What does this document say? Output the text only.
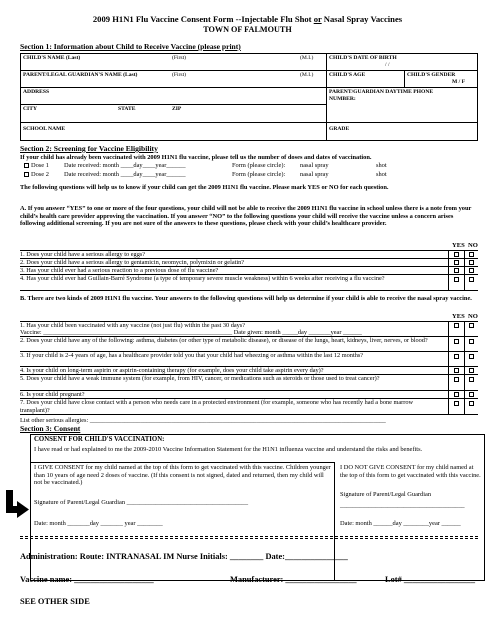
2009 H1N1 Flu Vaccine Consent Form --Injectable Flu Shot or Nasal Spray Vaccines
TOWN OF FALMOUTH
Section 1: Information about Child to Receive Vaccine (please print)
CHILD'S NAME (Last)	(First)	(M.I.)	CHILD'S DATE OF BIRTH
/ /
PARENT/LEGAL GUARDIAN'S NAME (Last)	(First)	(M.I.)	CHILD'S AGE	CHILD'S GENDER
M / F
ADDRESS	PARENT/GUARDIAN DAYTIME PHONE
NUMBER:
CITY	STATE	ZIP
SCHOOL NAME	GRADE
Section 2: Screening for Vaccine Eligibility
If your child has already been vaccinated with 2009 H1N1 flu vaccine, please tell us the number of doses and dates of vaccination.
Dose 1 Date received: month ____day____year______	Form (please circle): nasal spray	shot
Dose 2 Date received: month ____day____year______	Form (please circle): nasal spray	shot
The following questions will help us to know if your child can get the 2009 H1N1 flu vaccine. Please mark YES or NO for each question.
A. If you answer “YES” to one or more of the four questions, your child will not be able to receive the 2009 H1N1 flu vaccine in school unless there is a note from your child’s health care provider approving the vaccination. If you answer “NO” to the following questions your child will receive the vaccine unless a concern arises following additional screening. If you are not sure of the answers to these questions, please check with your child’s healthcare provider.
YES NO
1. Does your child have a serious allergy to eggs?
2. Does your child have a serious allergy to gentamicin, neomycin, polymixin or gelatin?
3. Has your child ever had a serious reaction to a previous dose of flu vaccine?
4. Has your child ever had Guillain-Barré Syndrome (a type of temporary severe muscle weakness) within 6 weeks after receiving a flu vaccine?
B. There are two kinds of 2009 H1N1 flu vaccine. Your answers to the following questions will help us determine if your child is able to receive the nasal spray vaccine.
YES NO
1. Has your child been vaccinated with any vaccine (not just flu) within the past 30 days?
Vaccine: ____________________________________________________________ Date given: month _____day _______year ______
2. Does your child have any of the following: asthma, diabetes (or other type of metabolic disease), or disease of the lungs, heart, kidneys, liver, nerves, or blood?
3. If your child is 2-4 years of age, has a healthcare provider told you that your child had wheezing or asthma within the last 12 months?
4. Is your child on long-term aspirin or aspirin-containing therapy (for example, does your child take aspirin every day)?
5. Does your child have a weak immune system (for example, from HIV, cancer, or medications such as steroids or those used to treat cancer)?
6. Is your child pregnant?
7. Does your child have close contact with a person who needs care in a protected environment (for example, someone who has recently had a bone marrow transplant)?
List other serious allergies: ______________________________________________________________________________________________
Section 3: Consent
CONSENT FOR CHILD'S VACCINATION:
I have read or had explained to me the 2009-2010 Vaccine Information Statement for the H1N1 influenza vaccine and understand the risks and benefits.
I GIVE CONSENT for my child named at the top of this form to get vaccinated with this vaccine. Children younger than 10 years of age need 2 doses of vaccine. (If this consent is not signed, dated and returned, then my child will not be vaccinated.)
Signature of Parent/Legal Guardian ______________________________________
Date: month _______day _______ year ________
I DO NOT GIVE CONSENT for my child named at the top of this form to get vaccinated with this vaccine.
Signature of Parent/Legal Guardian
_______________________________________
Date: month ______day ________year ______
Administration: Route: INTRANASAL IM Nurse Initials: ________ Date:_______________
Vaccine name: ___________________	Manufacturer: _________________	Lot# _________________
SEE OTHER SIDE
